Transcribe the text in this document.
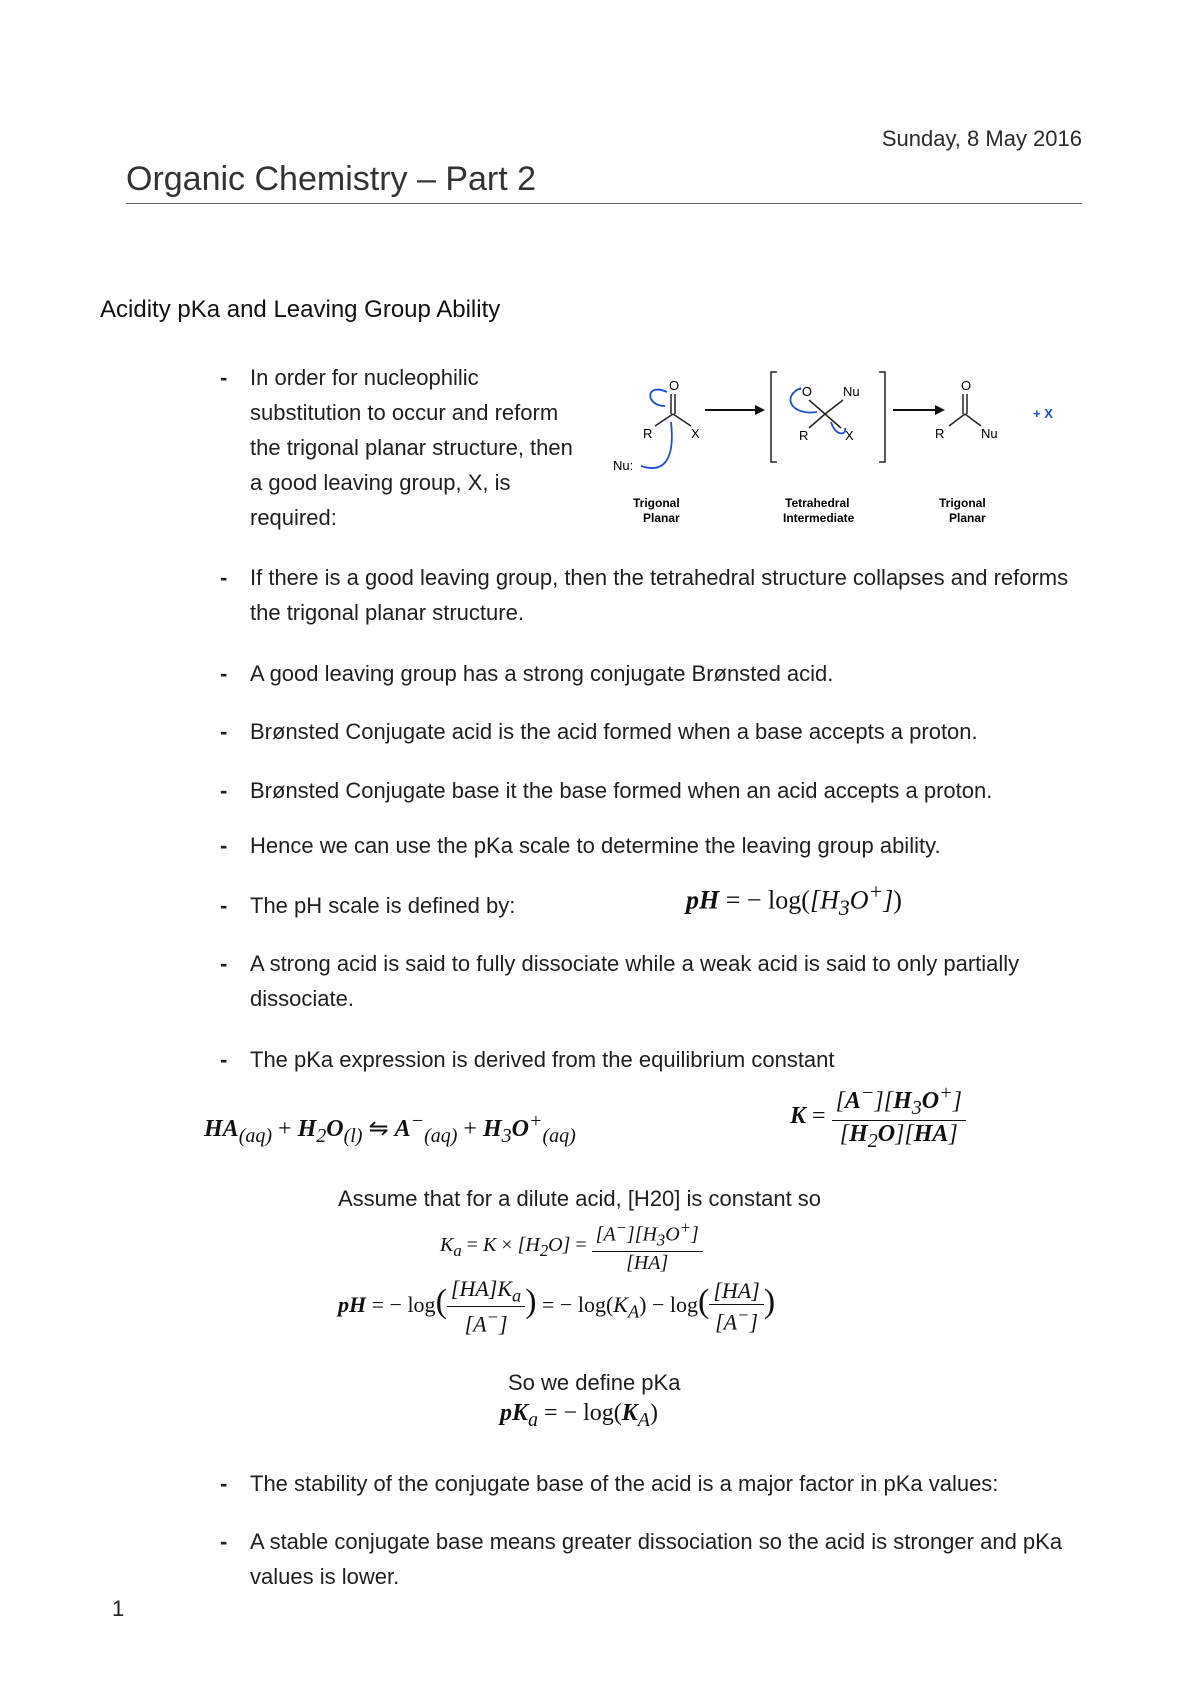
Sunday, 8 May 2016
Organic Chemistry – Part 2
Acidity pKa and Leaving Group Ability
-	In order for nucleophilic substitution to occur and reform the trigonal planar structure, then a good leaving group, X, is required:
O
R	X
Nu:
Trigonal
Planar
⁻O Nu
R	X
Tetrahedral
Intermediate
O
R	Nu
Trigonal
Planar
+ X
-	If there is a good leaving group, then the tetrahedral structure collapses and reforms the trigonal planar structure.
-	A good leaving group has a strong conjugate Brønsted acid.
-	Brønsted Conjugate acid is the acid formed when a base accepts a proton.
-	Brønsted Conjugate base it the base formed when an acid accepts a proton.
-	Hence we can use the pKa scale to determine the leaving group ability.
-	The pH scale is defined by:	pH = − $\log([H_3O^+])$
-	A strong acid is said to fully dissociate while a weak acid is said to only partially dissociate.
-	The pKa expression is derived from the equilibrium constant
$HA_{(aq)} + H_2O_{(l)}$ ⇋ $A^-_{(aq)} + H_3O^+_{(aq)}$
$K = \frac{[A^-][H_3O^+]}{[H_2O][HA]}$
Assume that for a dilute acid, [H20] is constant so
$K_a = K \times [H_2O] = \frac{[A^-][H_3O^+]}{[HA]}$
pH = − $\log( \frac{[HA]K_a}{[A^-]}$ ) = − $\log(K_A) - \log( \frac{[HA]}{[A^-]}$ )
So we define pKa
$pK_a$ = − $\log(K_A)$
-	The stability of the conjugate base of the acid is a major factor in pKa values:
-	A stable conjugate base means greater dissociation so the acid is stronger and pKa values is lower.
1
